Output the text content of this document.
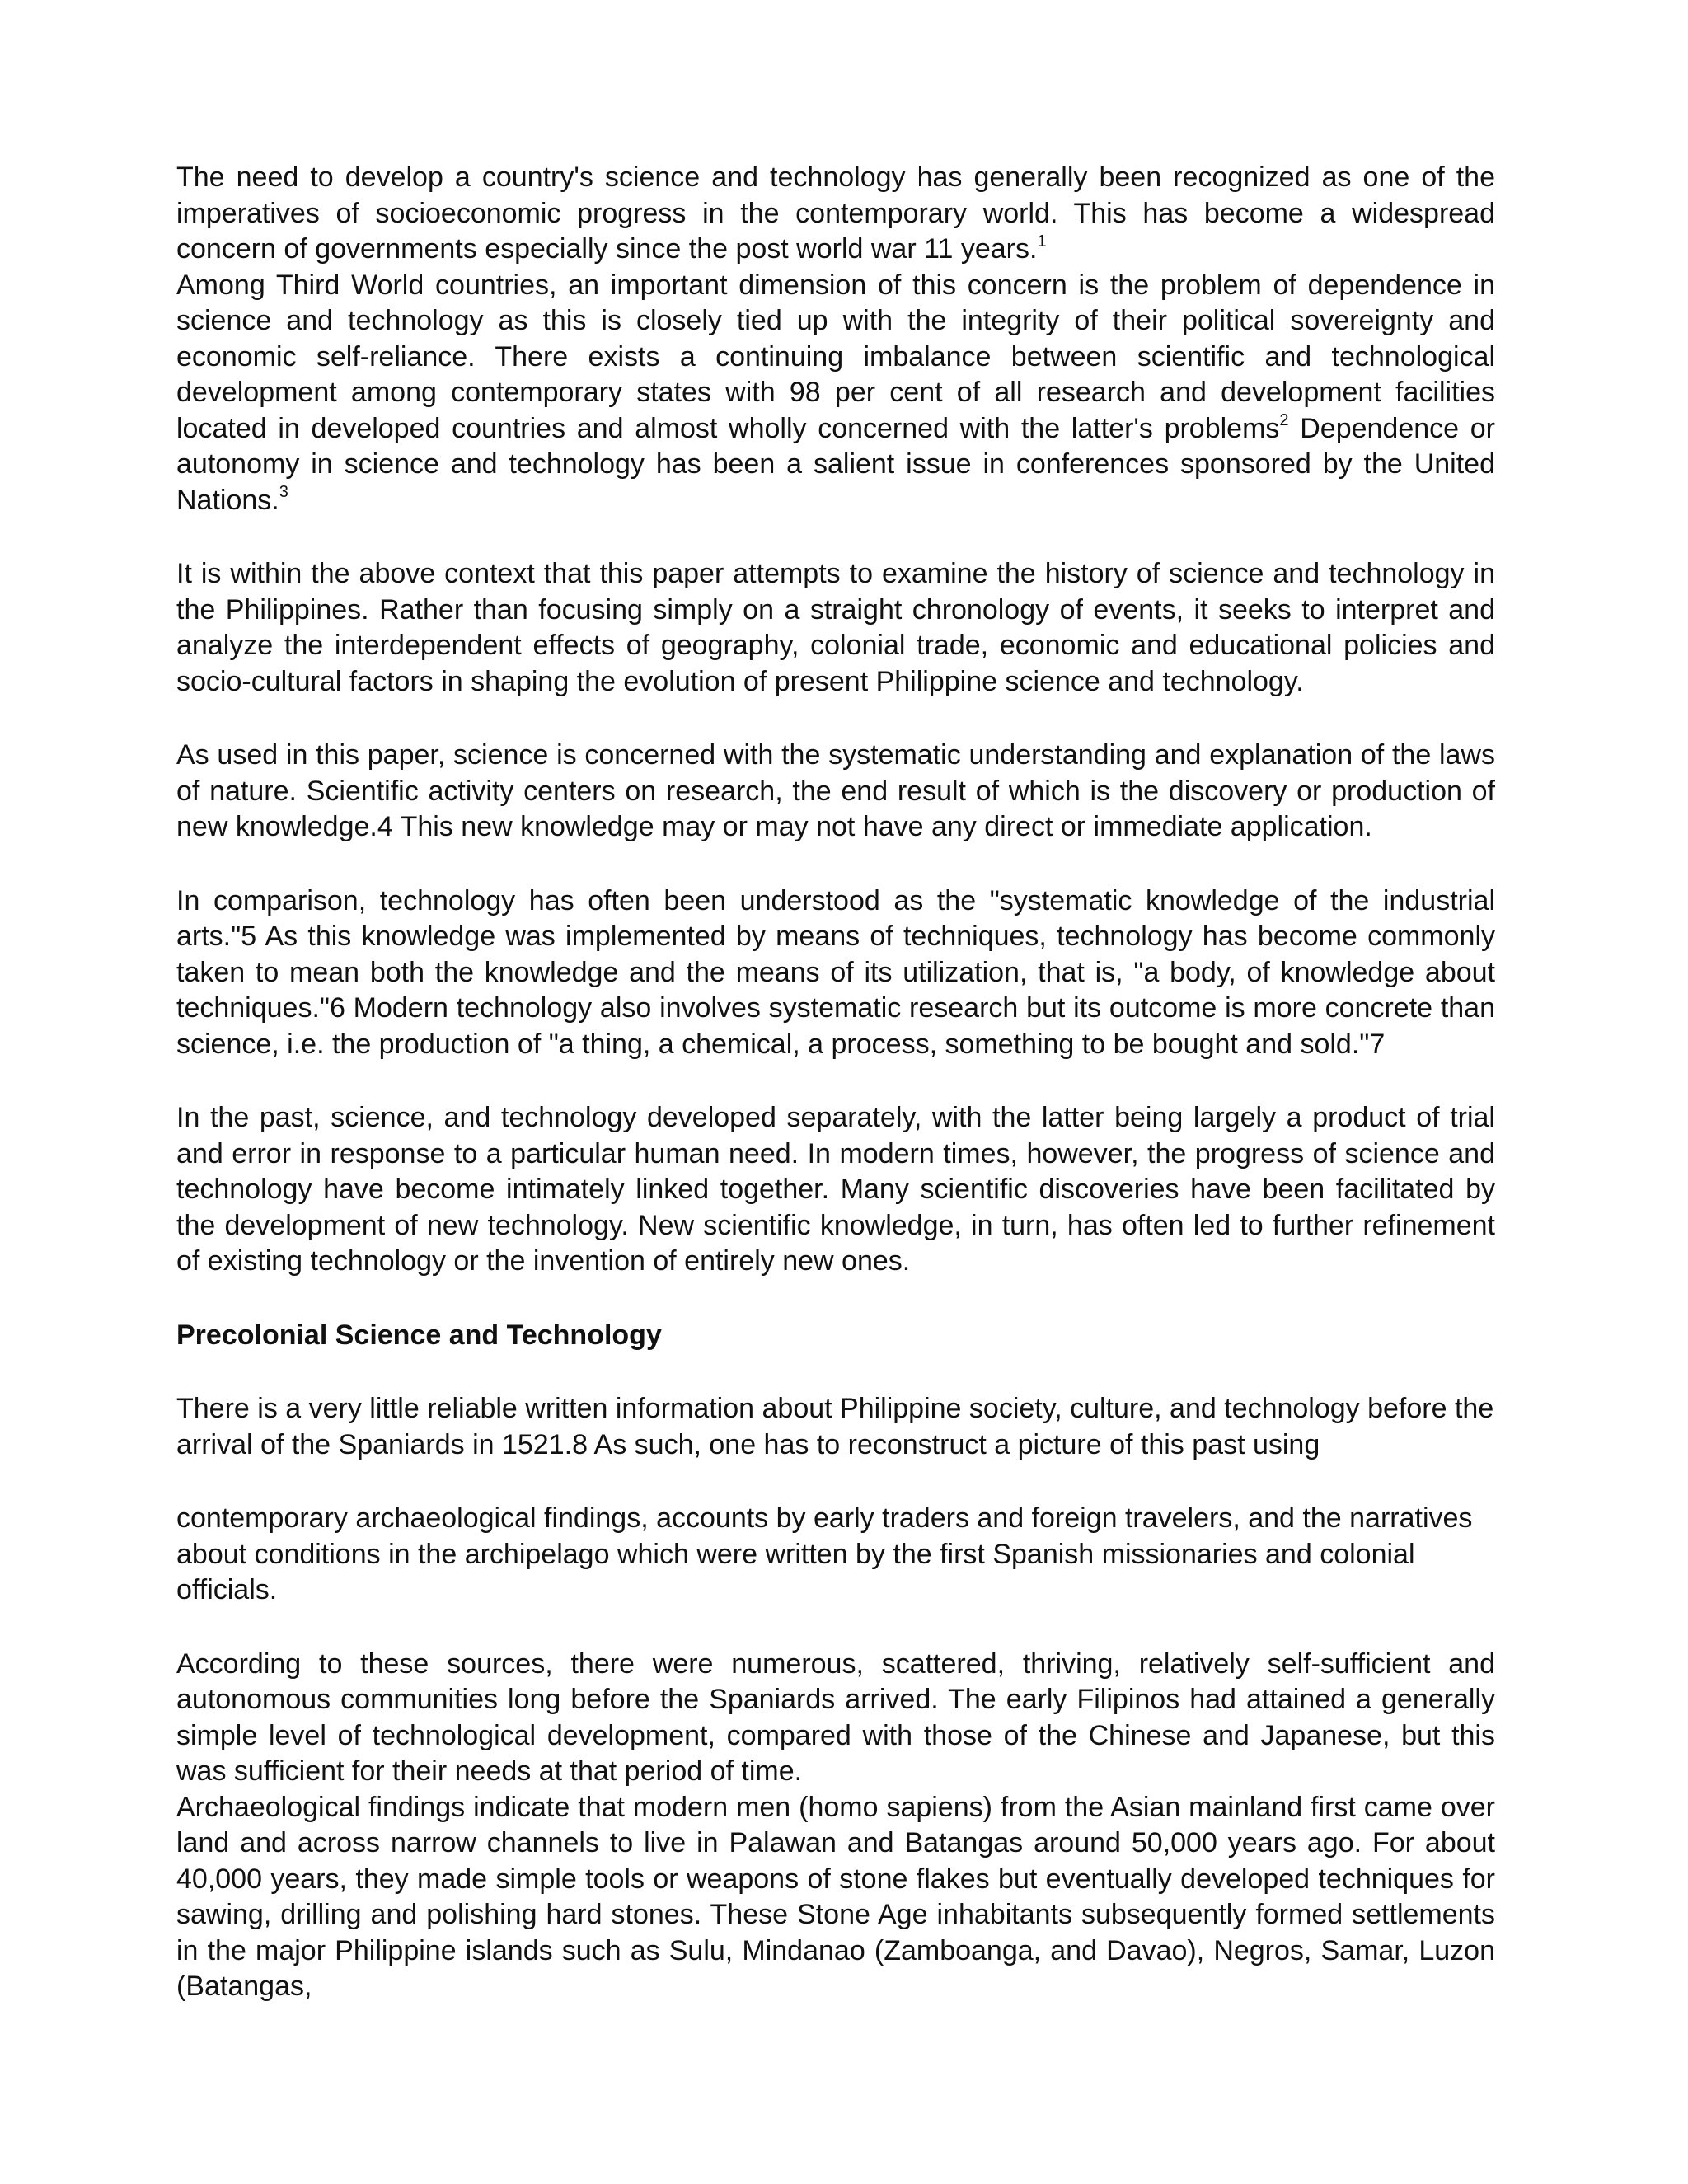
The need to develop a country's science and technology has generally been recognized as one of the imperatives of socioeconomic progress in the contemporary world. This has become a widespread concern of governments especially since the post world war 11 years.$^1$

Among Third World countries, an important dimension of this concern is the problem of dependence in science and technology as this is closely tied up with the integrity of their political sovereignty and economic self-reliance. There exists a continuing imbalance between scientific and technological development among contemporary states with 98 per cent of all research and development facilities located in developed countries and almost wholly concerned with the latter's problems$^2$ Dependence or autonomy in science and technology has been a salient issue in conferences sponsored by the United Nations.$^3$

It is within the above context that this paper attempts to examine the history of science and technology in the Philippines. Rather than focusing simply on a straight chronology of events, it seeks to interpret and analyze the interdependent effects of geography, colonial trade, economic and educational policies and socio-cultural factors in shaping the evolution of present Philippine science and technology.

As used in this paper, science is concerned with the systematic understanding and explanation of the laws of nature. Scientific activity centers on research, the end result of which is the discovery or production of new knowledge.4 This new knowledge may or may not have any direct or immediate application.

In comparison, technology has often been understood as the "systematic knowledge of the industrial arts."5 As this knowledge was implemented by means of techniques, technology has become commonly taken to mean both the knowledge and the means of its utilization, that is, "a body, of knowledge about techniques."6 Modern technology also involves systematic research but its outcome is more concrete than science, i.e. the production of "a thing, a chemical, a process, something to be bought and sold."7

In the past, science, and technology developed separately, with the latter being largely a product of trial and error in response to a particular human need. In modern times, however, the progress of science and technology have become intimately linked together. Many scientific discoveries have been facilitated by the development of new technology. New scientific knowledge, in turn, has often led to further refinement of existing technology or the invention of entirely new ones.

Precolonial Science and Technology

There is a very little reliable written information about Philippine society, culture, and technology before the arrival of the Spaniards in 1521.8 As such, one has to reconstruct a picture of this past using

contemporary archaeological findings, accounts by early traders and foreign travelers, and the narratives about conditions in the archipelago which were written by the first Spanish missionaries and colonial officials.

According to these sources, there were numerous, scattered, thriving, relatively self-sufficient and autonomous communities long before the Spaniards arrived. The early Filipinos had attained a generally simple level of technological development, compared with those of the Chinese and Japanese, but this was sufficient for their needs at that period of time.

Archaeological findings indicate that modern men (homo sapiens) from the Asian mainland first came over land and across narrow channels to live in Palawan and Batangas around 50,000 years ago. For about 40,000 years, they made simple tools or weapons of stone flakes but eventually developed techniques for sawing, drilling and polishing hard stones. These Stone Age inhabitants subsequently formed settlements in the major Philippine islands such as Sulu, Mindanao (Zamboanga, and Davao), Negros, Samar, Luzon (Batangas,
